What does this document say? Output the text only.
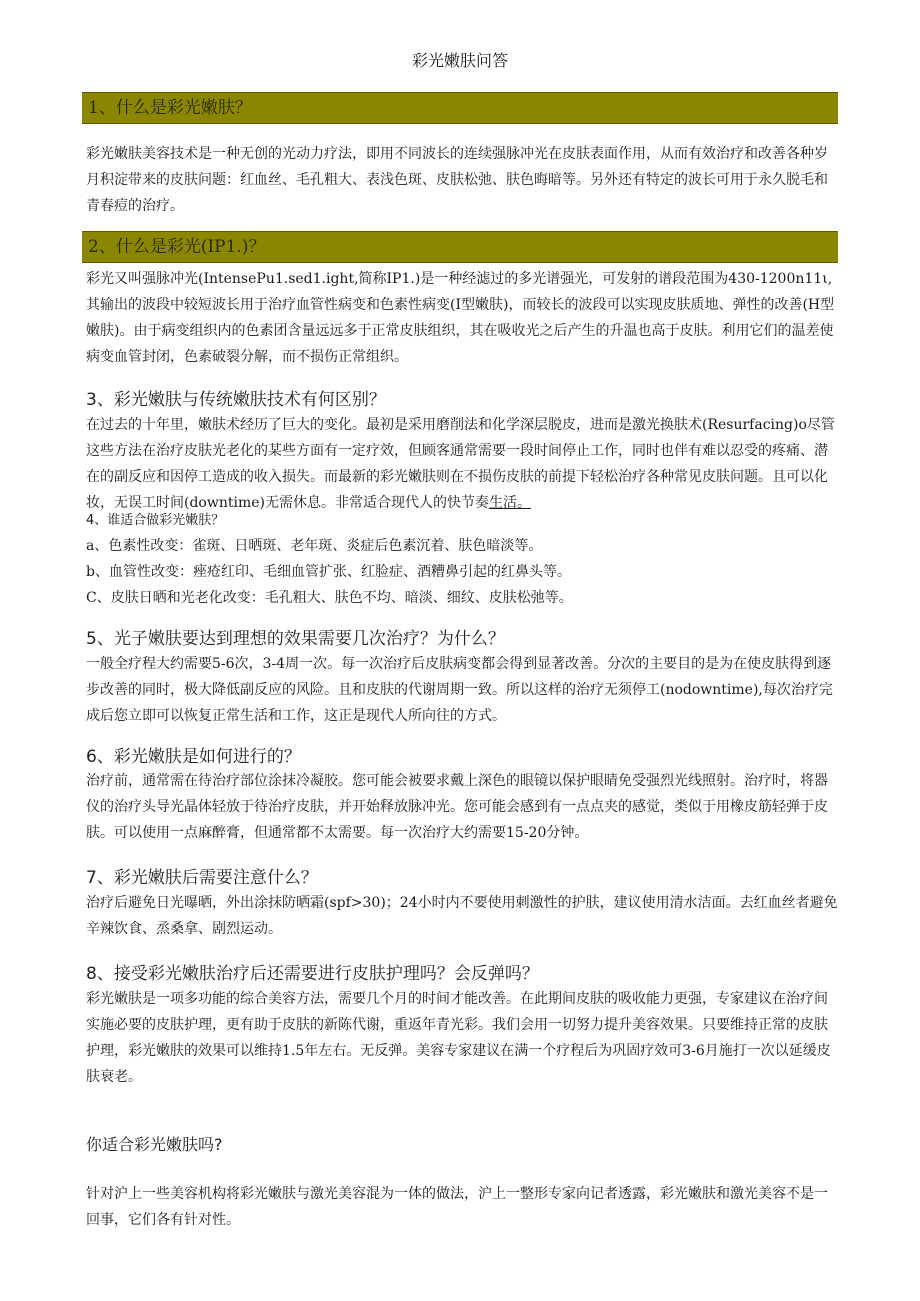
彩光嫩肤问答
1、什么是彩光嫩肤？

彩光嫩肤美容技术是一种无创的光动力疗法，即用不同波长的连续强脉冲光在皮肤表面作用，从而有效治疗和改善各种岁月积淀带来的皮肤问题：红血丝、毛孔粗大、表浅色斑、皮肤松弛、肤色晦暗等。另外还有特定的波长可用于永久脱毛和青春痘的治疗。

2、什么是彩光(IP1.)？

彩光又叫强脉冲光(IntensePu1.sed1.ight,简称IP1.)是一种经滤过的多光谱强光，可发射的谱段范围为430-1200n11ι,其输出的波段中较短波长用于治疗血管性病变和色素性病变(I型嫩肤)，而较长的波段可以实现皮肤质地、弹性的改善(H型嫩肤)。由于病变组织内的色素团含量远远多于正常皮肤组织，其在吸收光之后产生的升温也高于皮肤。利用它们的温差使病变血管封闭，色素破裂分解，而不损伤正常组织。

3、彩光嫩肤与传统嫩肤技术有何区别？

在过去的十年里，嫩肤术经历了巨大的变化。最初是采用磨削法和化学深层脱皮，进而是激光换肤术(Resurfacing)o尽管这些方法在治疗皮肤光老化的某些方面有一定疗效，但顾客通常需要一段时间停止工作，同时也伴有难以忍受的疼痛、潜在的副反应和因停工造成的收入损失。而最新的彩光嫩肤则在不损伤皮肤的前提下轻松治疗各种常见皮肤问题。且可以化妆，无误工时间(downtime)无需休息。非常适合现代人的快节奏生活。

4、谁适合做彩光嫩肤？
a、色素性改变：雀斑、日晒斑、老年斑、炎症后色素沉着、肤色暗淡等。
b、血管性改变：痤疮红印、毛细血管扩张、红脸症、酒糟鼻引起的红鼻头等。
C、皮肤日晒和光老化改变：毛孔粗大、肤色不均、暗淡、细纹、皮肤松弛等。
5、光子嫩肤要达到理想的效果需要几次治疗？为什么？

一般全疗程大约需要5-6次，3-4周一次。每一次治疗后皮肤病变都会得到显著改善。分次的主要目的是为在使皮肤得到逐步改善的同时，极大降低副反应的风险。且和皮肤的代谢周期一致。所以这样的治疗无须停工(nodowntime),每次治疗完成后您立即可以恢复正常生活和工作，这正是现代人所向往的方式。

6、彩光嫩肤是如何进行的？

治疗前，通常需在待治疗部位涂抹冷凝胶。您可能会被要求戴上深色的眼镜以保护眼睛免受强烈光线照射。治疗时，将器仪的治疗头导光晶体轻放于待治疗皮肤，并开始释放脉冲光。您可能会感到有一点点夹的感觉，类似于用橡皮筋轻弹于皮肤。可以使用一点麻醉膏，但通常都不太需要。每一次治疗大约需要15-20分钟。

7、彩光嫩肤后需要注意什么？

治疗后避免日光曝晒，外出涂抹防晒霜(spf>30)；24小时内不要使用刺激性的护肤，建议使用清水洁面。去红血丝者避免辛辣饮食、烝桑拿、剧烈运动。

8、接受彩光嫩肤治疗后还需要进行皮肤护理吗？会反弹吗？

彩光嫩肤是一项多功能的综合美容方法，需要几个月的时间才能改善。在此期间皮肤的吸收能力更强，专家建议在治疗间实施必要的皮肤护理，更有助于皮肤的新陈代谢，重返年青光彩。我们会用一切努力提升美容效果。只要维持正常的皮肤护理，彩光嫩肤的效果可以维持1.5年左右。无反弹。美容专家建议在满一个疗程后为巩固疗效可3-6月施打一次以延缓皮肤衰老。

你适合彩光嫩肤吗?

针对沪上一些美容机构将彩光嫩肤与激光美容混为一体的做法，沪上一整形专家向记者透露，彩光嫩肤和激光美容不是一回事，它们各有针对性。
